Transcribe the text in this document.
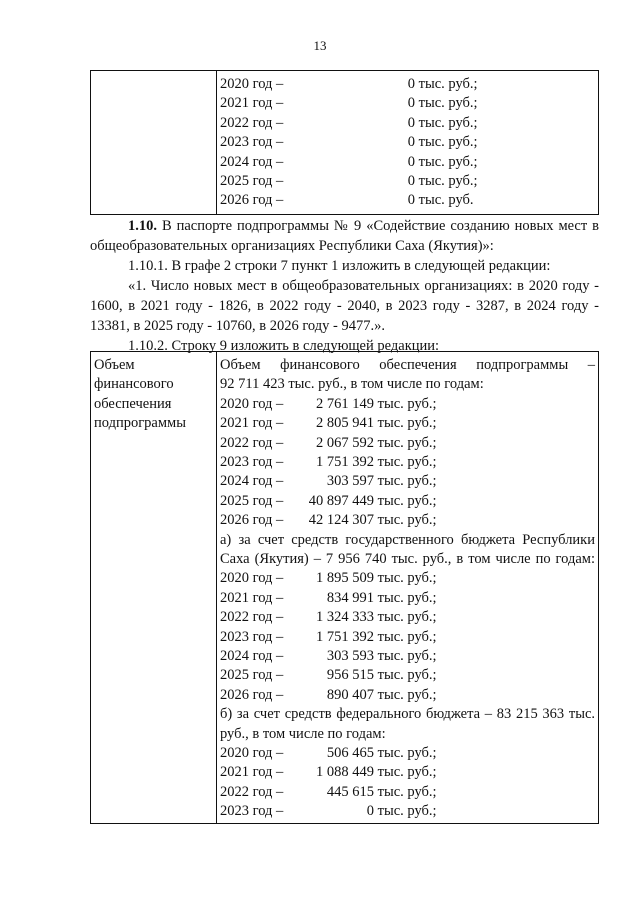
13

2020 год –	0 тыс. руб.;
2021 год –	0 тыс. руб.;
2022 год –	0 тыс. руб.;
2023 год –	0 тыс. руб.;
2024 год –	0 тыс. руб.;
2025 год –	0 тыс. руб.;
2026 год –	0 тыс. руб.

1.10. В паспорте подпрограммы № 9 «Содействие созданию новых мест в общеобразовательных организациях Республики Саха (Якутия)»:

1.10.1. В графе 2 строки 7 пункт 1 изложить в следующей редакции:

«1. Число новых мест в общеобразовательных организациях: в 2020 году - 1600, в 2021 году - 1826, в 2022 году - 2040, в 2023 году - 3287, в 2024 году - 13381, в 2025 году - 10760, в 2026 году - 9477.».

1.10.2. Строку 9 изложить в следующей редакции:

Объем
финансового
обеспечения
подпрограммы

Объем финансового обеспечения подпрограммы –
92 711 423 тыс. руб., в том числе по годам:
2020 год – 2 761 149 тыс. руб.;
2021 год – 2 805 941 тыс. руб.;
2022 год – 2 067 592 тыс. руб.;
2023 год – 1 751 392 тыс. руб.;
2024 год –	303 597 тыс. руб.;
2025 год – 40 897 449 тыс. руб.;
2026 год – 42 124 307 тыс. руб.;
а) за счет средств государственного бюджета Республики
Саха (Якутия) – 7 956 740 тыс. руб., в том числе по годам:
2020 год – 1 895 509 тыс. руб.;
2021 год –	834 991 тыс. руб.;
2022 год – 1 324 333 тыс. руб.;
2023 год – 1 751 392 тыс. руб.;
2024 год –	303 593 тыс. руб.;
2025 год –	956 515 тыс. руб.;
2026 год –	890 407 тыс. руб.;
б) за счет средств федерального бюджета – 83 215 363 тыс.
руб., в том числе по годам:
2020 год –	506 465 тыс. руб.;
2021 год – 1 088 449 тыс. руб.;
2022 год –	445 615 тыс. руб.;
2023 год –	0 тыс. руб.;
